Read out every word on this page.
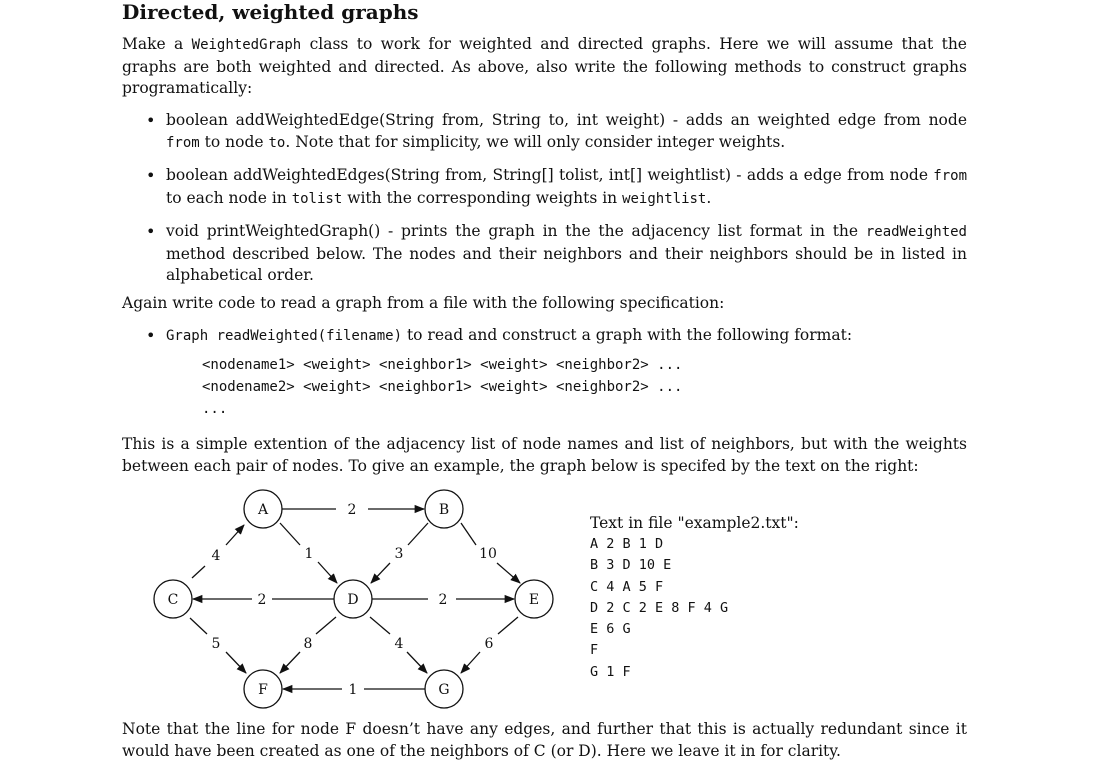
Directed, weighted graphs

Make a WeightedGraph class to work for weighted and directed graphs. Here we will assume that the graphs are both weighted and directed. As above, also write the following methods to construct graphs programatically:

• boolean addWeightedEdge(String from, String to, int weight) - adds an weighted edge from node from to node to. Note that for simplicity, we will only consider integer weights.
• boolean addWeightedEdges(String from, String[] tolist, int[] weightlist) - adds a edge from node from to each node in tolist with the corresponding weights in weightlist.
• void printWeightedGraph() - prints the graph in the the adjacency list format in the readWeighted method described below. The nodes and their neighbors and their neighbors should be in listed in alphabetical order.

Again write code to read a graph from a file with the following specification:

• Graph readWeighted(filename) to read and construct a graph with the following format:
<nodename1> <weight> <neighbor1> <weight> <neighbor2> ...
<nodename2> <weight> <neighbor1> <weight> <neighbor2> ...
...

This is a simple extention of the adjacency list of node names and list of neighbors, but with the weights between each pair of nodes. To give an example, the graph below is specifed by the text on the right:

Note that the line for node F doesn’t have any edges, and further that this is actually redundant since it would have been created as one of the neighbors of C (or D). Here we leave it in for clarity.

A	B
C	D	E
F	G
2
4	1	3	10
2	2
5	8	4	6
1
Text in file "example2.txt":
A 2 B 1 D
B 3 D 10 E
C 4 A 5 F
D 2 C 2 E 8 F 4 G
E 6 G
F
G 1 F
